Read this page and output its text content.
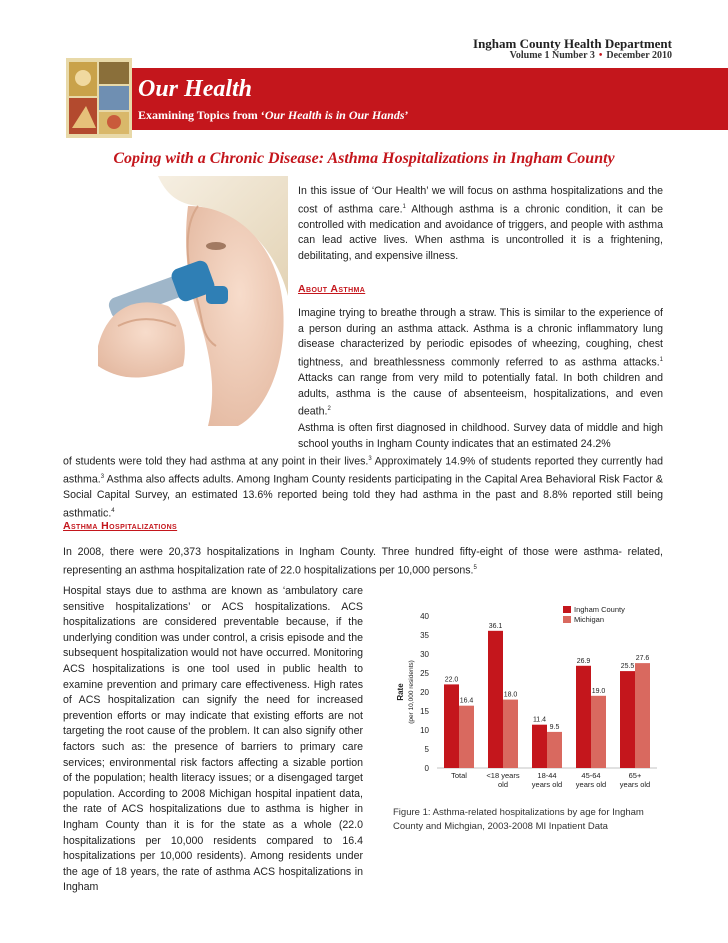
Ingham County Health Department
Volume 1 Number 3 • December 2010
Our Health
Examining Topics from ‘Our Health is in Our Hands’
Coping with a Chronic Disease: Asthma Hospitalizations in Ingham County
In this issue of ‘Our Health’ we will focus on asthma hospitalizations and the cost of asthma care.$^1$ Although asthma is a chronic condition, it can be controlled with medication and avoidance of triggers, and people with asthma can lead active lives. When asthma is uncontrolled it is a frightening, debilitating, and expensive illness.
About Asthma
Imagine trying to breathe through a straw. This is similar to the experience of a person during an asthma attack. Asthma is a chronic inflammatory lung disease characterized by periodic episodes of wheezing, coughing, chest tightness, and breathlessness commonly referred to as asthma attacks.$^1$ Attacks can range from very mild to potentially fatal. In both children and adults, asthma is the cause of absenteeism, hospitalizations, and even death.$^2$
Asthma is often first diagnosed in childhood. Survey data of middle and high school youths in Ingham County indicates that an estimated 24.2%
of students were told they had asthma at any point in their lives.$^3$ Approximately 14.9% of students reported they currently had asthma.$^3$ Asthma also affects adults. Among Ingham County residents participating in the Capital Area Behavioral Risk Factor & Social Capital Survey, an estimated 13.6% reported being told they had asthma in the past and 8.8% reported still being asthmatic.$^4$
Asthma Hospitalizations
In 2008, there were 20,373 hospitalizations in Ingham County. Three hundred fifty-eight of those were asthma- related, representing an asthma hospitalization rate of 22.0 hospitalizations per 10,000 persons.$^5$
Hospital stays due to asthma are known as ‘ambulatory care sensitive hospitalizations’ or ACS hospitalizations. ACS hospitalizations are considered preventable because, if the underlying condition was under control, a crisis episode and the subsequent hospitalization would not have occurred. Monitoring ACS hospitalizations is one tool used in public health to examine prevention and primary care effectiveness. High rates of ACS hospitalization can signify the need for increased prevention efforts or may indicate that existing efforts are not targeting the root cause of the problem. It can also signify other factors such as: the presence of barriers to primary care services; environmental risk factors affecting a sizable portion of the population; health literacy issues; or a disengaged target population. According to 2008 Michigan hospital inpatient data, the rate of ACS hospitalizations due to asthma is higher in Ingham County than it is for the state as a whole (22.0 hospitalizations per 10,000 residents compared to 16.4 hospitalizations per 10,000 residents). Among residents under the age of 18 years, the rate of asthma ACS hospitalizations in Ingham
Rate (per 10,000 residents)
0
5
10
15
20
25
30
35
40
22.0
16.4
Total
36.1
18.0
<18 years
old
11.4
9.5
18-44
years old
26.9
19.0
45-64
years old
25.5
27.6
65+
years old
Ingham County
Michigan
Figure 1: Asthma-related hospitalizations by age for Ingham County and Michgian, 2003-2008 MI Inpatient Data
